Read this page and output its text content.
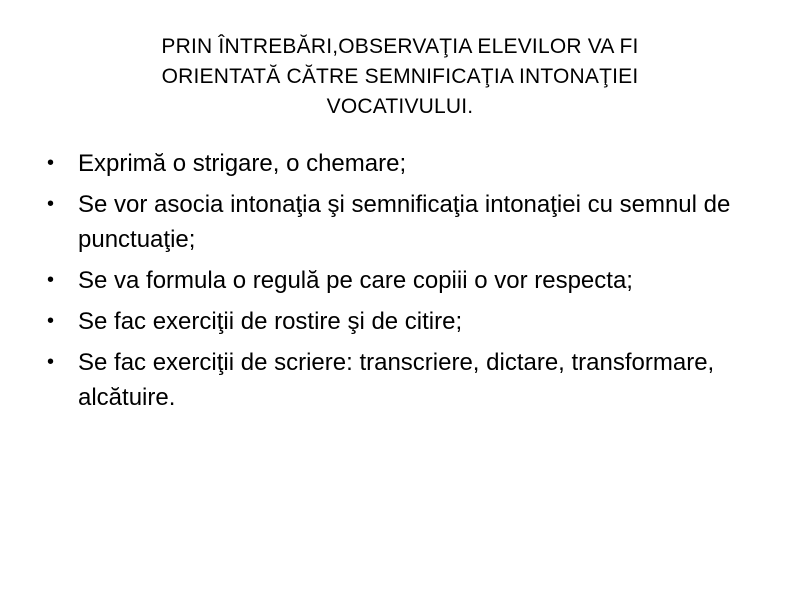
PRIN ÎNTREBĂRI,OBSERVAŢIA ELEVILOR VA FI
ORIENTATĂ CĂTRE SEMNIFICAŢIA INTONAŢIEI
VOCATIVULUI.
• Exprimă o strigare, o chemare;
• Se vor asocia intonaţia şi semnificaţia intonaţiei cu semnul de punctuaţie;
• Se va formula o regulă pe care copiii o vor respecta;
• Se fac exerciţii de rostire şi de citire;
• Se fac exerciţii de scriere: transcriere, dictare, transformare, alcătuire.
